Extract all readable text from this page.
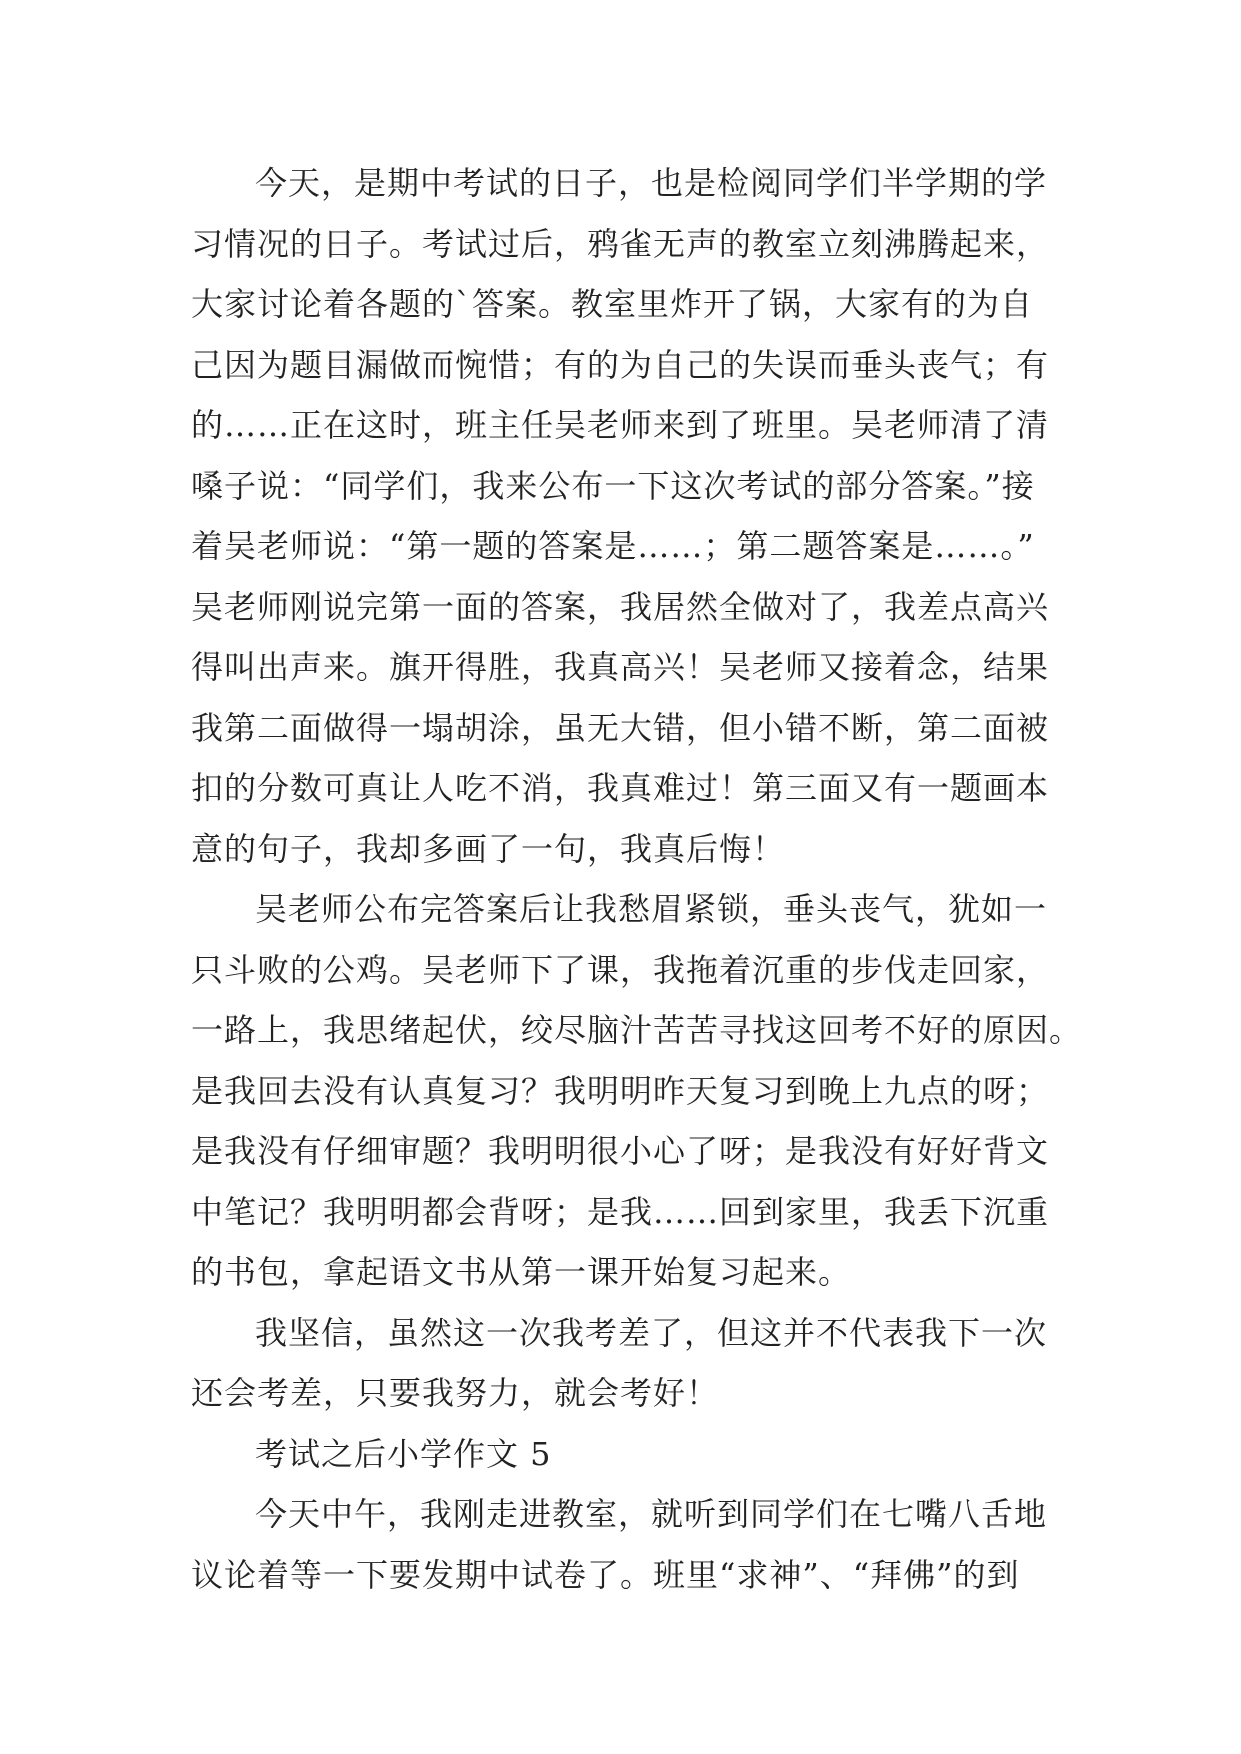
今天，是期中考试的日子，也是检阅同学们半学期的学
习情况的日子。考试过后，鸦雀无声的教室立刻沸腾起来，
大家讨论着各题的`答案。教室里炸开了锅，大家有的为自
己因为题目漏做而惋惜；有的为自己的失误而垂头丧气；有
的……正在这时，班主任吴老师来到了班里。吴老师清了清
嗓子说：“同学们，我来公布一下这次考试的部分答案。”接
着吴老师说：“第一题的答案是……；第二题答案是……。”
吴老师刚说完第一面的答案，我居然全做对了，我差点高兴
得叫出声来。旗开得胜，我真高兴！吴老师又接着念，结果
我第二面做得一塌胡涂，虽无大错，但小错不断，第二面被
扣的分数可真让人吃不消，我真难过！第三面又有一题画本
意的句子，我却多画了一句，我真后悔！
吴老师公布完答案后让我愁眉紧锁，垂头丧气，犹如一
只斗败的公鸡。吴老师下了课，我拖着沉重的步伐走回家，
一路上，我思绪起伏，绞尽脑汁苦苦寻找这回考不好的原因。
是我回去没有认真复习？我明明昨天复习到晚上九点的呀；
是我没有仔细审题？我明明很小心了呀；是我没有好好背文
中笔记？我明明都会背呀；是我……回到家里，我丢下沉重
的书包，拿起语文书从第一课开始复习起来。
我坚信，虽然这一次我考差了，但这并不代表我下一次
还会考差，只要我努力，就会考好！
考试之后小学作文 5
今天中午，我刚走进教室，就听到同学们在七嘴八舌地
议论着等一下要发期中试卷了。班里“求神”、“拜佛”的到
